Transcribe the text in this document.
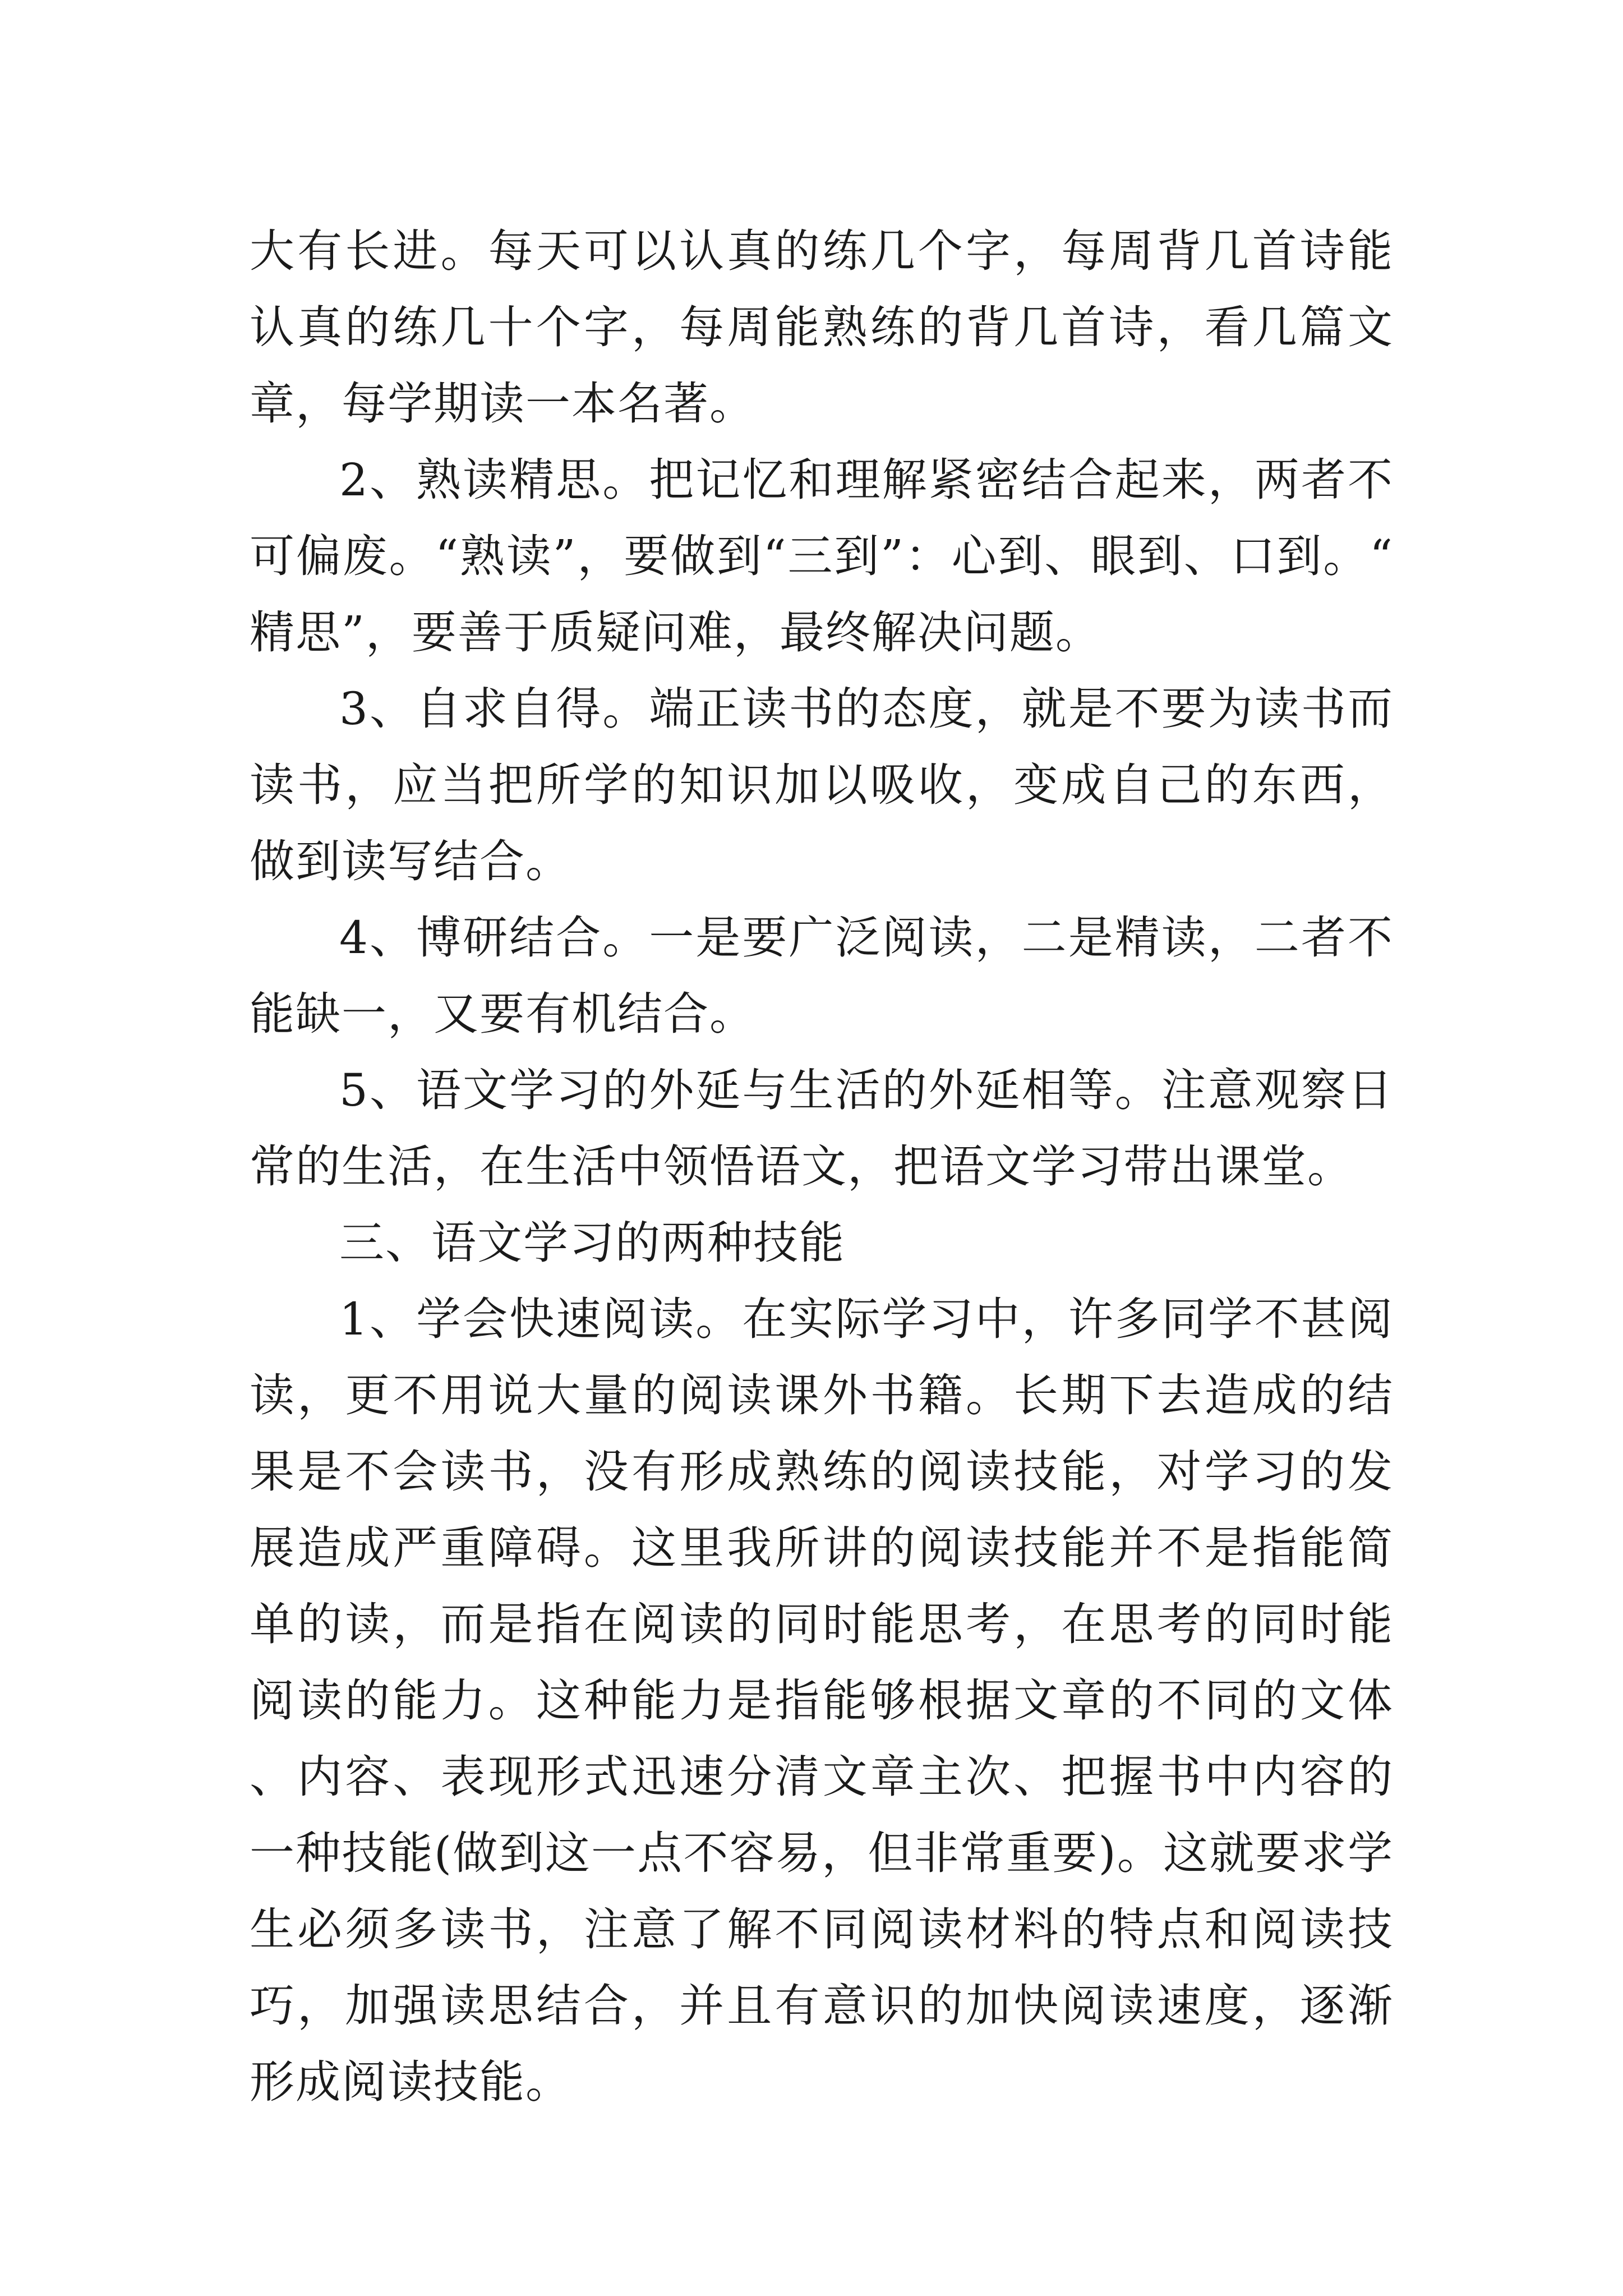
大有长进。每天可以认真的练几个字，每周背几首诗能认真的练几十个字，每周能熟练的背几首诗，看几篇文章，每学期读一本名著。

2、熟读精思。把记忆和理解紧密结合起来，两者不可偏废。“熟读”，要做到“三到”：心到、眼到、口到。“精思”，要善于质疑问难，最终解决问题。

3、自求自得。端正读书的态度，就是不要为读书而读书，应当把所学的知识加以吸收，变成自己的东西，做到读写结合。

4、博研结合。一是要广泛阅读，二是精读，二者不能缺一，又要有机结合。

5、语文学习的外延与生活的外延相等。注意观察日常的生活，在生活中领悟语文，把语文学习带出课堂。

三、语文学习的两种技能

1、学会快速阅读。在实际学习中，许多同学不甚阅读，更不用说大量的阅读课外书籍。长期下去造成的结果是不会读书，没有形成熟练的阅读技能，对学习的发展造成严重障碍。这里我所讲的阅读技能并不是指能简单的读，而是指在阅读的同时能思考，在思考的同时能阅读的能力。这种能力是指能够根据文章的不同的文体、内容、表现形式迅速分清文章主次、把握书中内容的一种技能(做到这一点不容易，但非常重要)。这就要求学生必须多读书，注意了解不同阅读材料的特点和阅读技巧，加强读思结合，并且有意识的加快阅读速度，逐渐形成阅读技能。
